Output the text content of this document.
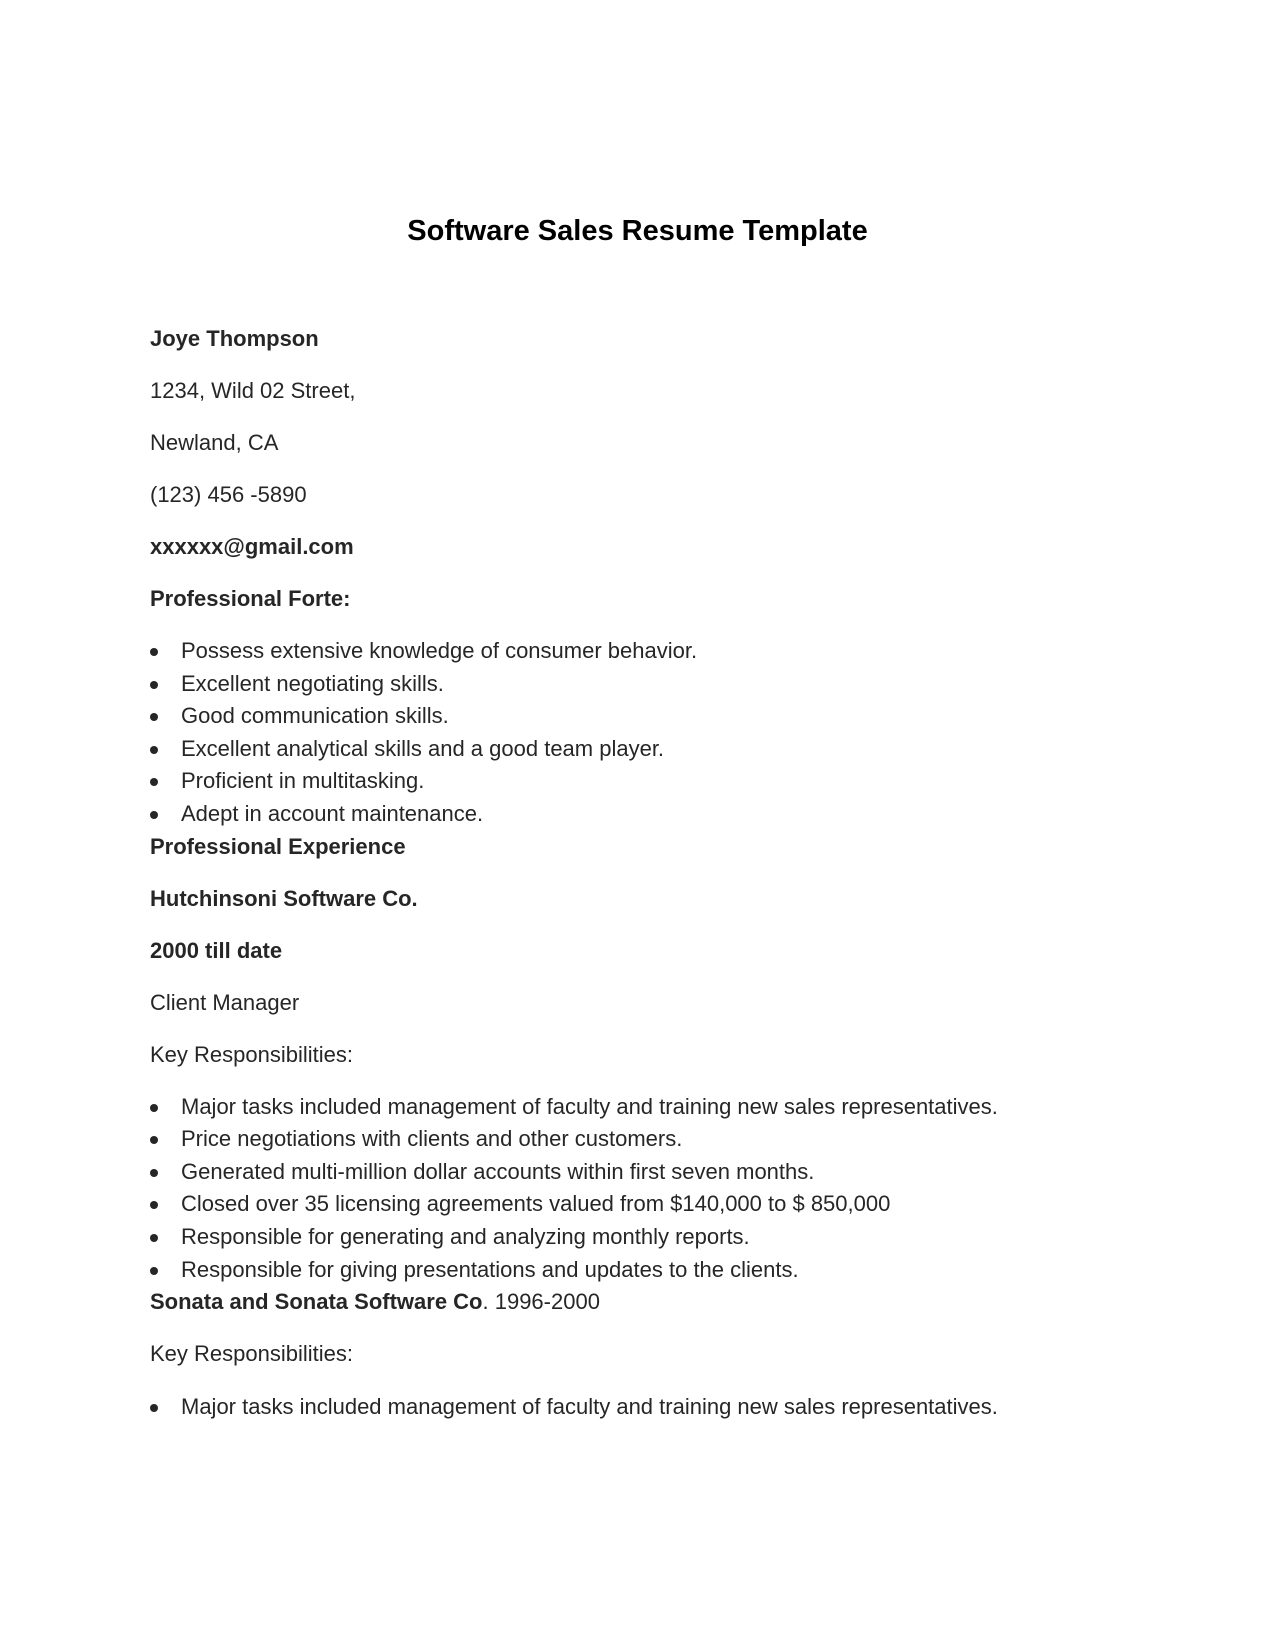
Software Sales Resume Template

Joye Thompson

1234, Wild 02 Street,

Newland, CA

(123) 456 -5890

xxxxxx@gmail.com

Professional Forte:

Possess extensive knowledge of consumer behavior.
Excellent negotiating skills.
Good communication skills.
Excellent analytical skills and a good team player.
Proficient in multitasking.
Adept in account maintenance.

Professional Experience

Hutchinsoni Software Co.

2000 till date

Client Manager

Key Responsibilities:

Major tasks included management of faculty and training new sales representatives.
Price negotiations with clients and other customers.
Generated multi-million dollar accounts within first seven months.
Closed over 35 licensing agreements valued from $140,000 to $ 850,000
Responsible for generating and analyzing monthly reports.
Responsible for giving presentations and updates to the clients.

Sonata and Sonata Software Co. 1996-2000

Key Responsibilities:

Major tasks included management of faculty and training new sales representatives.
